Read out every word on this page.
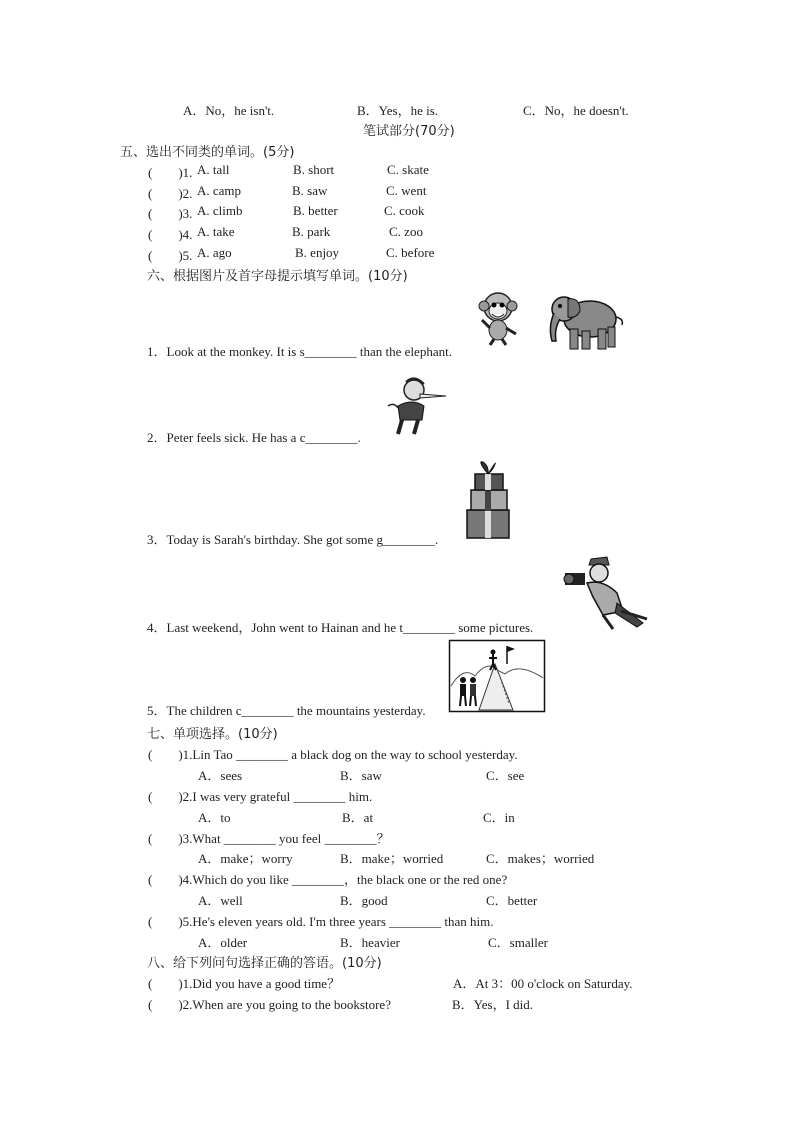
A．No，he isn't.	B．Yes，he is.	C．No，he doesn't.
笔试部分(70分)
五、选出不同类的单词。(5分)
(　　)1. A. tall	B. short	C. skate
(　　)2. A. camp	B. saw	C. went
(　　)3. A. climb	B. better	C. cook
(　　)4. A. take	B. park	C. zoo
(　　)5. A. ago	B. enjoy	C. before
六、根据图片及首字母提示填写单词。(10分)
1．Look at the monkey. It is s________ than the elephant.
2．Peter feels sick. He has a c________.
3．Today is Sarah's birthday. She got some g________.
4．Last weekend，John went to Hainan and he t________ some pictures.
5．The children c________ the mountains yesterday.
七、单项选择。(10分)
(　　)1.Lin Tao ________ a black dog on the way to school yesterday.
A．sees	B．saw	C．see
(　　)2.I was very grateful ________ him.
A．to	B．at	C．in
(　　)3.What ________ you feel ________？
A．make；worry	B．make；worried	C．makes；worried
(　　)4.Which do you like ________，the black one or the red one?
A．well	B．good	C．better
(　　)5.He's eleven years old. I'm three years ________ than him.
A．older	B．heavier	C．smaller
八、给下列问句选择正确的答语。(10分)
(　　)1.Did you have a good time？	A．At 3：00 o'clock on Saturday.
(　　)2.When are you going to the bookstore?	B．Yes，I did.
